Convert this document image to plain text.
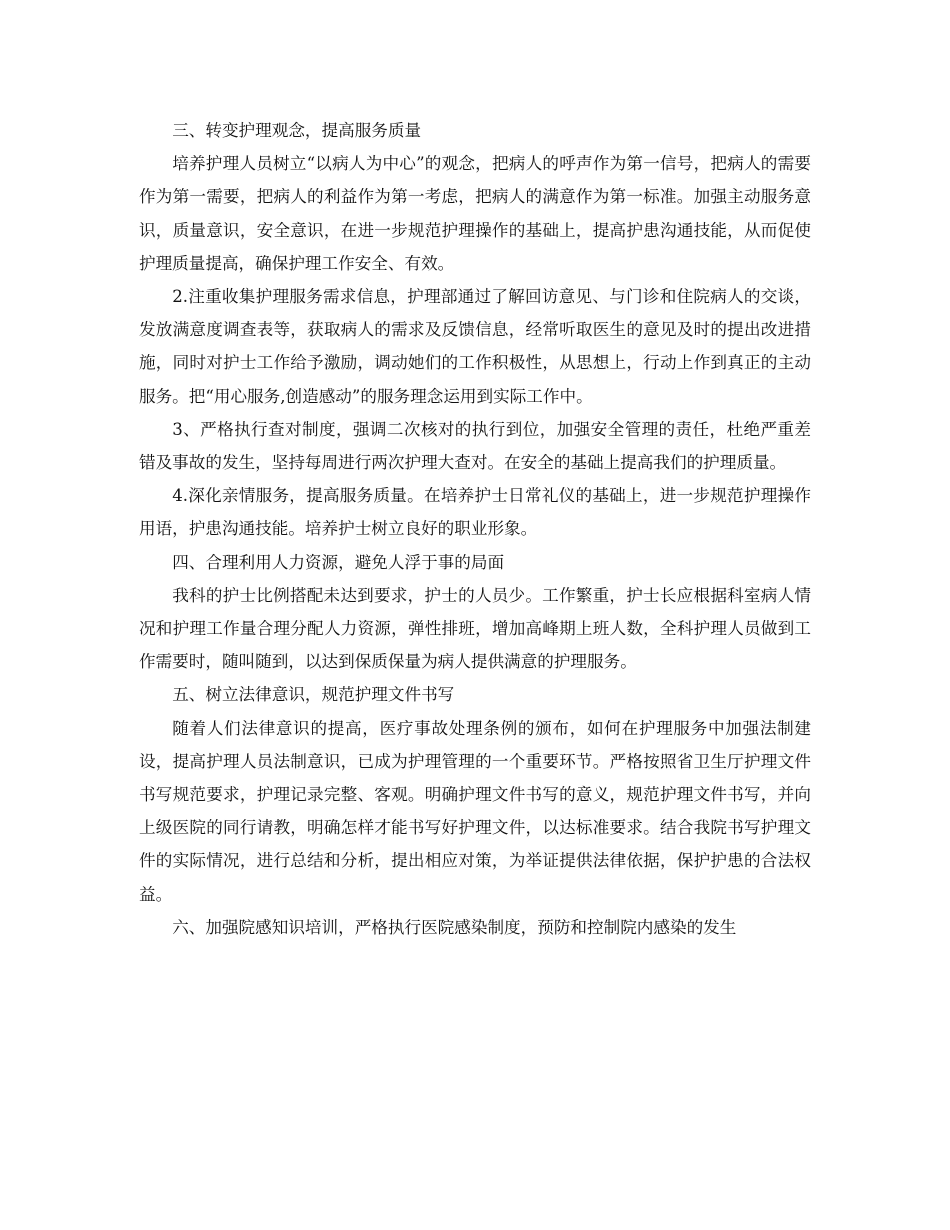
三、转变护理观念，提高服务质量

培养护理人员树立“以病人为中心”的观念，把病人的呼声作为第一信号，把病人的需要作为第一需要，把病人的利益作为第一考虑，把病人的满意作为第一标准。加强主动服务意识，质量意识，安全意识，在进一步规范护理操作的基础上，提高护患沟通技能，从而促使护理质量提高，确保护理工作安全、有效。

2.注重收集护理服务需求信息，护理部通过了解回访意见、与门诊和住院病人的交谈，发放满意度调查表等，获取病人的需求及反馈信息，经常听取医生的意见及时的提出改进措施，同时对护士工作给予激励，调动她们的工作积极性，从思想上，行动上作到真正的主动服务。把“用心服务,创造感动”的服务理念运用到实际工作中。

3、严格执行查对制度，强调二次核对的执行到位，加强安全管理的责任，杜绝严重差错及事故的发生，坚持每周进行两次护理大查对。在安全的基础上提高我们的护理质量。

4.深化亲情服务，提高服务质量。在培养护士日常礼仪的基础上，进一步规范护理操作用语，护患沟通技能。培养护士树立良好的职业形象。

四、合理利用人力资源，避免人浮于事的局面

我科的护士比例搭配未达到要求，护士的人员少。工作繁重，护士长应根据科室病人情况和护理工作量合理分配人力资源，弹性排班，增加高峰期上班人数，全科护理人员做到工作需要时，随叫随到，以达到保质保量为病人提供满意的护理服务。

五、树立法律意识，规范护理文件书写

随着人们法律意识的提高，医疗事故处理条例的颁布，如何在护理服务中加强法制建设，提高护理人员法制意识，已成为护理管理的一个重要环节。严格按照省卫生厅护理文件书写规范要求，护理记录完整、客观。明确护理文件书写的意义，规范护理文件书写，并向上级医院的同行请教，明确怎样才能书写好护理文件，以达标准要求。结合我院书写护理文件的实际情况，进行总结和分析，提出相应对策，为举证提供法律依据，保护护患的合法权益。

六、加强院感知识培训，严格执行医院感染制度，预防和控制院内感染的发生
